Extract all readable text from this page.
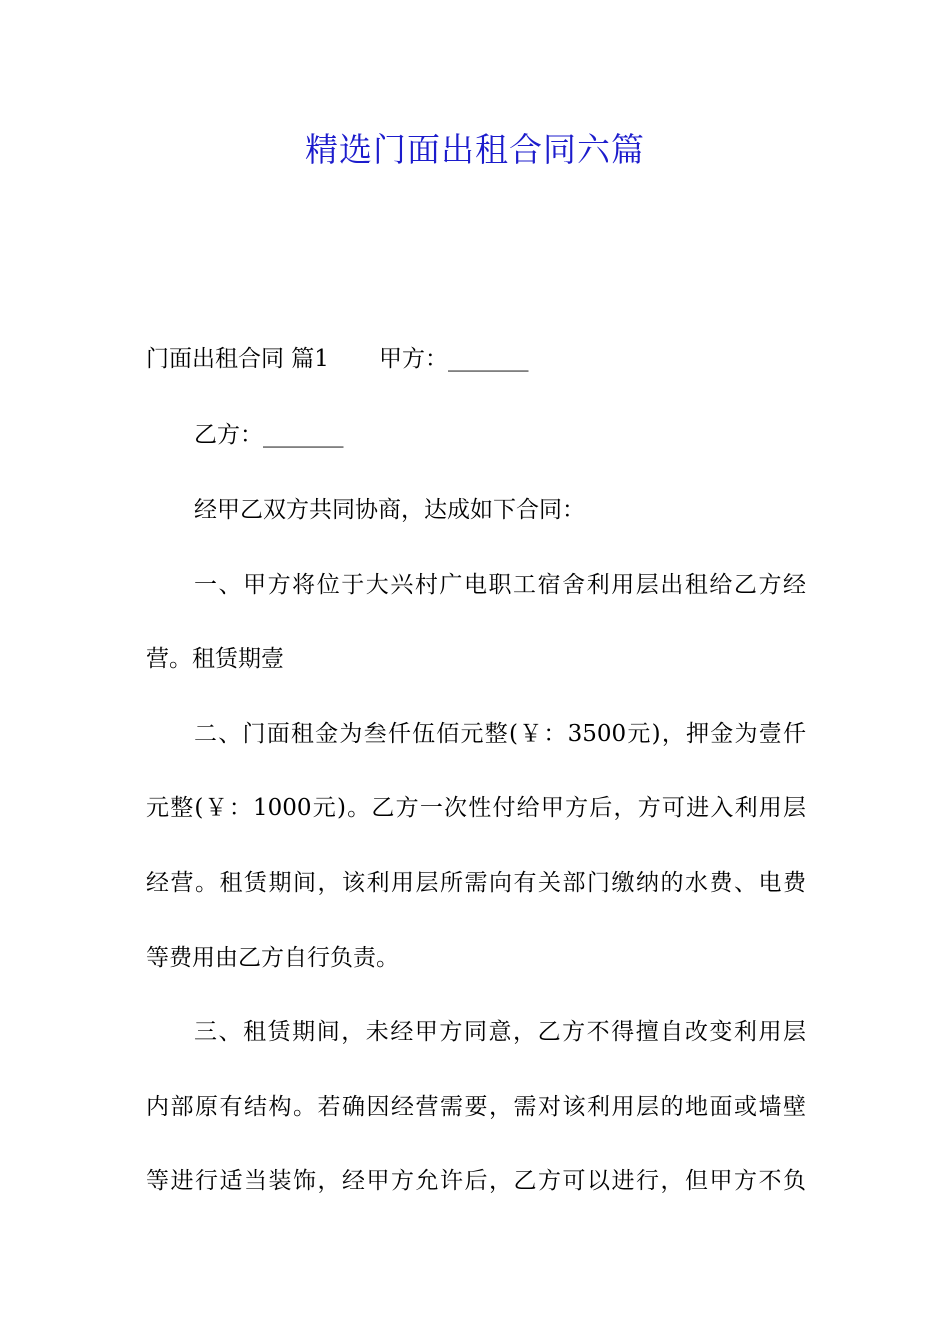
精选门面出租合同六篇

门面出租合同 篇1 甲方：_______

乙方：_______

经甲乙双方共同协商，达成如下合同：

一、甲方将位于大兴村广电职工宿舍利用层出租给乙方经

营。租赁期壹

二、门面租金为叁仟伍佰元整(￥：3500元)，押金为壹仟

元整(￥：1000元)。乙方一次性付给甲方后，方可进入利用层

经营。租赁期间，该利用层所需向有关部门缴纳的水费、电费

等费用由乙方自行负责。

三、租赁期间，未经甲方同意，乙方不得擅自改变利用层

内部原有结构。若确因经营需要，需对该利用层的地面或墙壁

等进行适当装饰，经甲方允许后，乙方可以进行，但甲方不负
